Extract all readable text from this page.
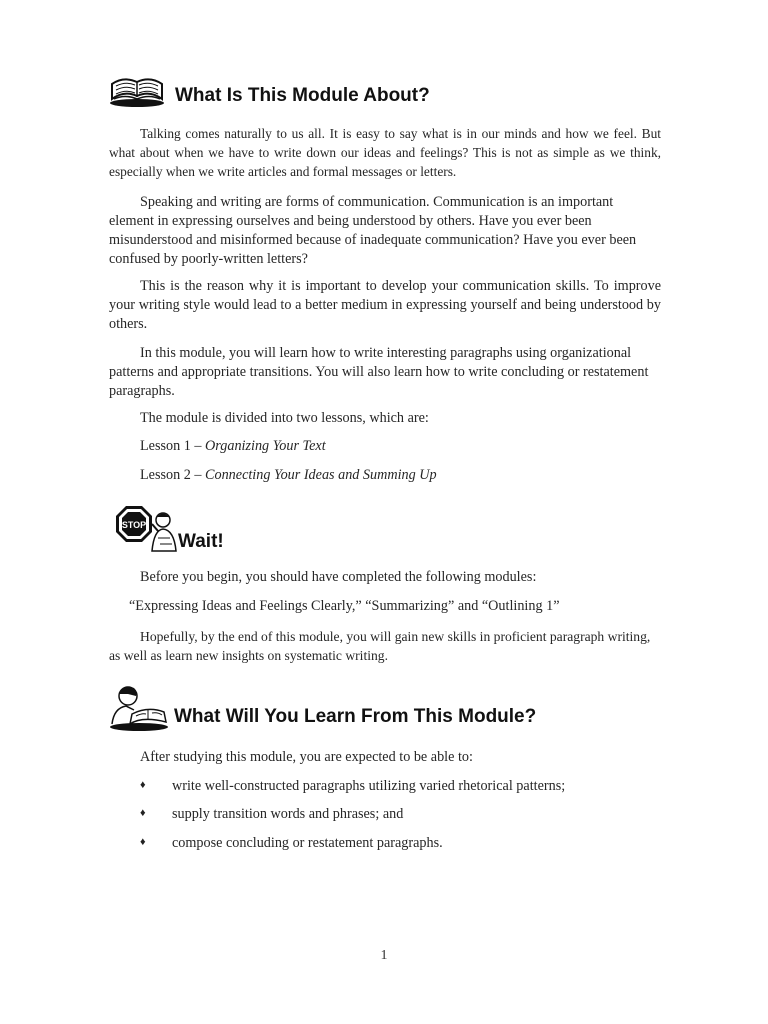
What Is This Module About?

Talking comes naturally to us all. It is easy to say what is in our minds and how we feel. But what about when we have to write down our ideas and feelings? This is not as simple as we think, especially when we write articles and formal messages or letters.

Speaking and writing are forms of communication. Communication is an important element in expressing ourselves and being understood by others. Have you ever been misunderstood and misinformed because of inadequate communication? Have you ever been confused by poorly-written letters?

This is the reason why it is important to develop your communication skills. To improve your writing style would lead to a better medium in expressing yourself and being understood by others.

In this module, you will learn how to write interesting paragraphs using organizational patterns and appropriate transitions. You will also learn how to write concluding or restatement paragraphs.

The module is divided into two lessons, which are:

Lesson 1 – Organizing Your Text

Lesson 2 – Connecting Your Ideas and Summing Up

STOP
Wait!

Before you begin, you should have completed the following modules:

“Expressing Ideas and Feelings Clearly,” “Summarizing” and “Outlining 1”

Hopefully, by the end of this module, you will gain new skills in proficient paragraph writing, as well as learn new insights on systematic writing.

What Will You Learn From This Module?

After studying this module, you are expected to be able to:

♦ write well-constructed paragraphs utilizing varied rhetorical patterns;
♦ supply transition words and phrases; and
♦ compose concluding or restatement paragraphs.
1
